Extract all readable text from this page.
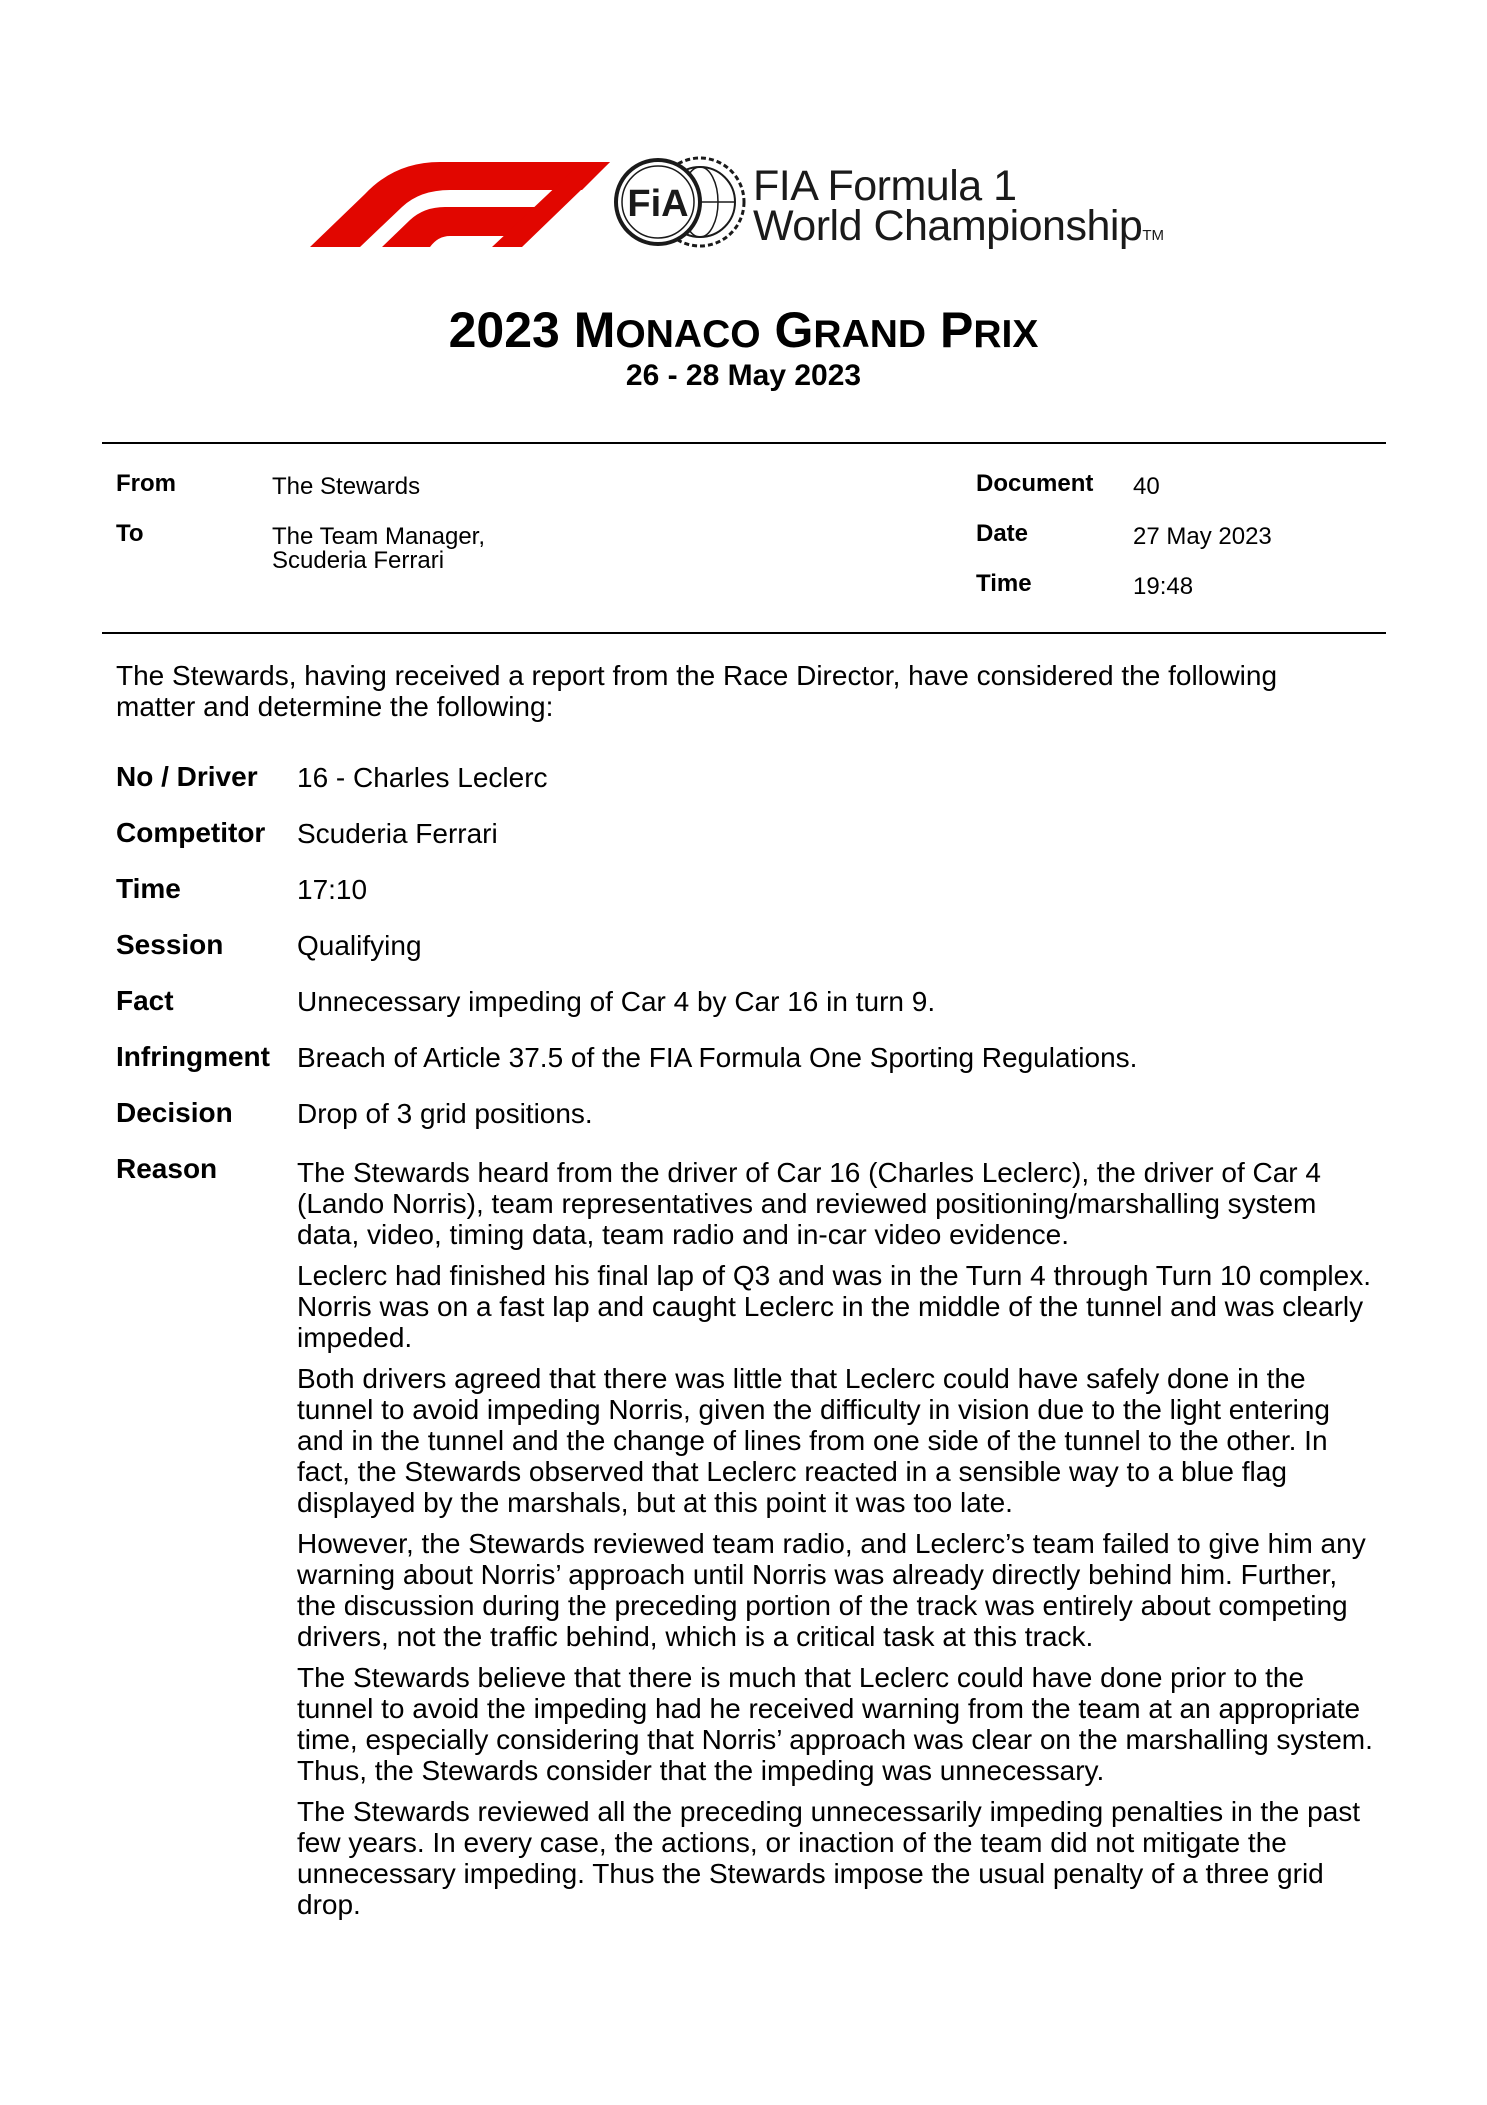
FiA FIA Formula 1
World ChampionshipTM
2023 MONACO GRAND PRIX
26 - 28 May 2023
From	The Stewards
To	The Team Manager,
Scuderia Ferrari
Document 40
Date	27 May 2023
Time	19:48
The Stewards, having received a report from the Race Director, have considered the following matter and determine the following:
No / Driver 16 - Charles Leclerc
Competitor Scuderia Ferrari
Time	17:10
Session	Qualifying
Fact	Unnecessary impeding of Car 4 by Car 16 in turn 9.
Infringment Breach of Article 37.5 of the FIA Formula One Sporting Regulations.
Decision Drop of 3 grid positions.
Reason	The Stewards heard from the driver of Car 16 (Charles Leclerc), the driver of Car 4 (Lando Norris), team representatives and reviewed positioning/marshalling system data, video, timing data, team radio and in-car video evidence.

Leclerc had finished his final lap of Q3 and was in the Turn 4 through Turn 10 complex. Norris was on a fast lap and caught Leclerc in the middle of the tunnel and was clearly impeded.

Both drivers agreed that there was little that Leclerc could have safely done in the tunnel to avoid impeding Norris, given the difficulty in vision due to the light entering and in the tunnel and the change of lines from one side of the tunnel to the other. In fact, the Stewards observed that Leclerc reacted in a sensible way to a blue flag displayed by the marshals, but at this point it was too late.

However, the Stewards reviewed team radio, and Leclerc’s team failed to give him any warning about Norris’ approach until Norris was already directly behind him. Further, the discussion during the preceding portion of the track was entirely about competing drivers, not the traffic behind, which is a critical task at this track.

The Stewards believe that there is much that Leclerc could have done prior to the tunnel to avoid the impeding had he received warning from the team at an appropriate time, especially considering that Norris’ approach was clear on the marshalling system. Thus, the Stewards consider that the impeding was unnecessary.

The Stewards reviewed all the preceding unnecessarily impeding penalties in the past few years. In every case, the actions, or inaction of the team did not mitigate the unnecessary impeding. Thus the Stewards impose the usual penalty of a three grid drop.
